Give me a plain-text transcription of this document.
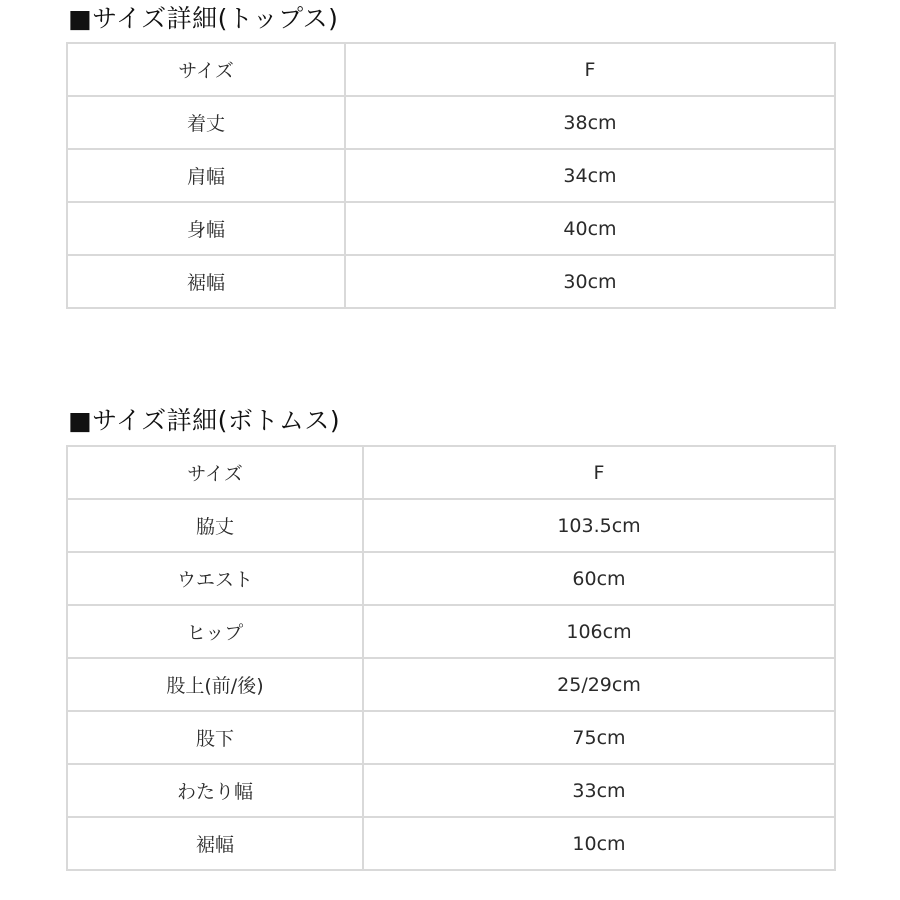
■サイズ詳細(トップス)
サイズ	F
着丈	38cm
肩幅	34cm
身幅	40cm
裾幅	30cm
■サイズ詳細(ボトムス)
サイズ	F
脇丈	103.5cm
ウエスト	60cm
ヒップ	106cm
股上(前/後)	25/29cm
股下	75cm
わたり幅	33cm
裾幅	10cm
